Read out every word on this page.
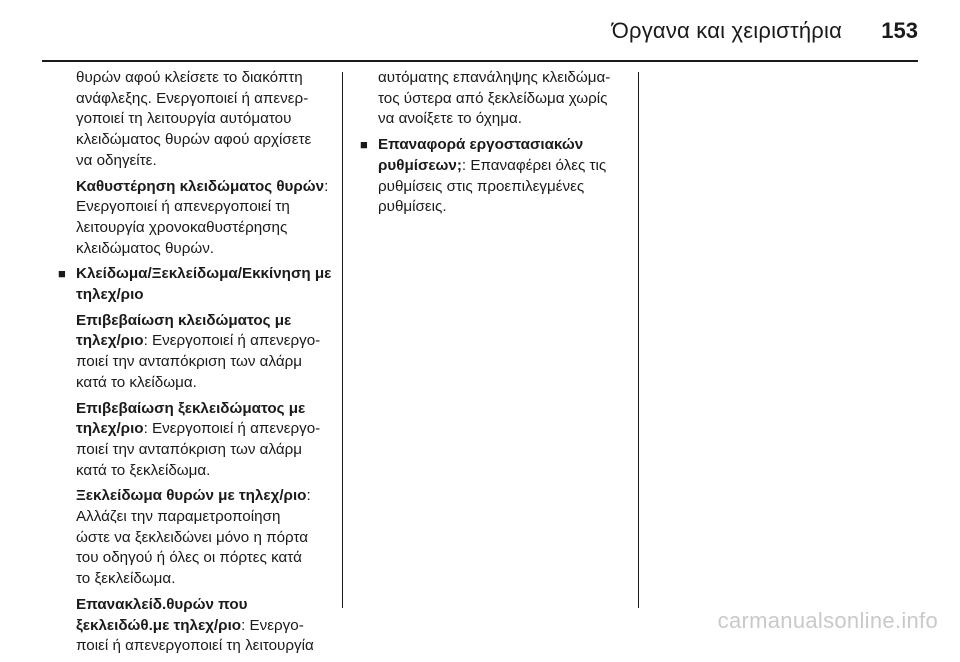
Όργανα και χειριστήρια 153

θυρών αφού κλείσετε το διακόπτη
ανάφλεξης. Ενεργοποιεί ή απενερ-
γοποιεί τη λειτουργία αυτόματου
κλειδώματος θυρών αφού αρχίσετε
να οδηγείτε.

Καθυστέρηση κλειδώματος θυρών:
Ενεργοποιεί ή απενεργοποιεί τη
λειτουργία χρονοκαθυστέρησης
κλειδώματος θυρών.

■ Κλείδωμα/Ξεκλείδωμα/Εκκίνηση με
τηλεχ/ριο

Επιβεβαίωση κλειδώματος με
τηλεχ/ριο: Ενεργοποιεί ή απενεργο-
ποιεί την ανταπόκριση των αλάρμ
κατά το κλείδωμα.

Επιβεβαίωση ξεκλειδώματος με
τηλεχ/ριο: Ενεργοποιεί ή απενεργο-
ποιεί την ανταπόκριση των αλάρμ
κατά το ξεκλείδωμα.

Ξεκλείδωμα θυρών με τηλεχ/ριο:
Αλλάζει την παραμετροποίηση
ώστε να ξεκλειδώνει μόνο η πόρτα
του οδηγού ή όλες οι πόρτες κατά
το ξεκλείδωμα.

Επανακλείδ.θυρών που
ξεκλειδώθ.με τηλεχ/ριο: Ενεργο-
ποιεί ή απενεργοποιεί τη λειτουργία

αυτόματης επανάληψης κλειδώμα-
τος ύστερα από ξεκλείδωμα χωρίς
να ανοίξετε το όχημα.

■ Επαναφορά εργοστασιακών
ρυθμίσεων;: Επαναφέρει όλες τις
ρυθμίσεις στις προεπιλεγμένες
ρυθμίσεις.
carmanualsonline.info
